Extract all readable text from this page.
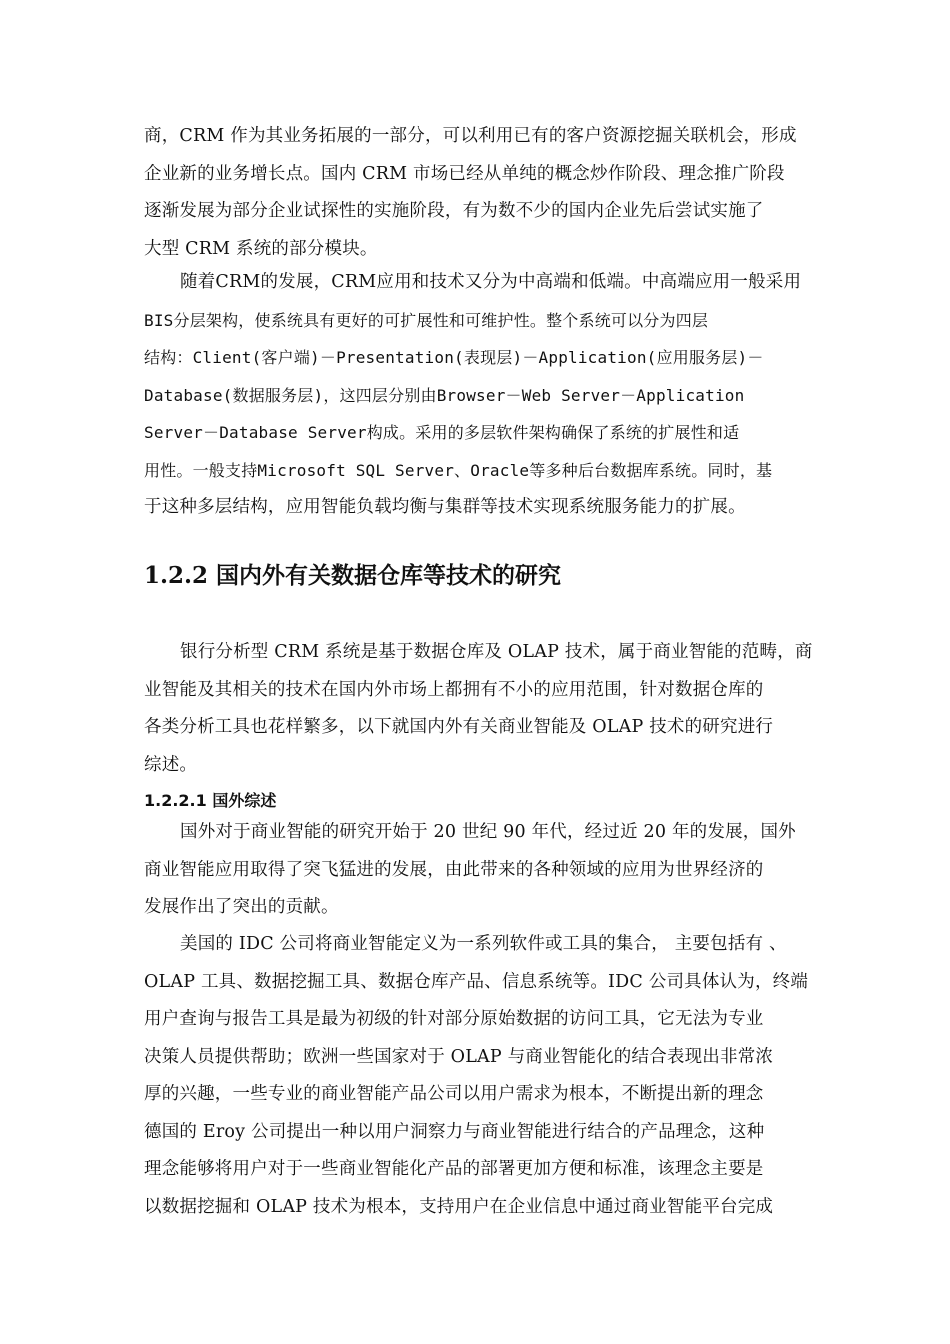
商，CRM 作为其业务拓展的一部分，可以利用已有的客户资源挖掘关联机会，形成
企业新的业务增长点。国内 CRM 市场已经从单纯的概念炒作阶段、理念推广阶段
逐渐发展为部分企业试探性的实施阶段，有为数不少的国内企业先后尝试实施了
大型 CRM 系统的部分模块。
随着CRM的发展，CRM应用和技术又分为中高端和低端。中高端应用一般采用
BIS分层架构，使系统具有更好的可扩展性和可维护性。整个系统可以分为四层
结构：Client(客户端)－Presentation(表现层)－Application(应用服务层)－
Database(数据服务层)，这四层分别由Browser－Web Server－Application
Server－Database Server构成。采用的多层软件架构确保了系统的扩展性和适
用性。一般支持Microsoft SQL Server、Oracle等多种后台数据库系统。同时，基
于这种多层结构，应用智能负载均衡与集群等技术实现系统服务能力的扩展。
1.2.2 国内外有关数据仓库等技术的研究
银行分析型 CRM 系统是基于数据仓库及 OLAP 技术，属于商业智能的范畴，商
业智能及其相关的技术在国内外市场上都拥有不小的应用范围，针对数据仓库的
各类分析工具也花样繁多，以下就国内外有关商业智能及 OLAP 技术的研究进行
综述。
1.2.2.1 国外综述
国外对于商业智能的研究开始于 20 世纪 90 年代，经过近 20 年的发展，国外
商业智能应用取得了突飞猛进的发展，由此带来的各种领域的应用为世界经济的
发展作出了突出的贡献。
美国的 IDC 公司将商业智能定义为一系列软件或工具的集合， 主要包括有 、
OLAP 工具、数据挖掘工具、数据仓库产品、信息系统等。IDC 公司具体认为，终端
用户查询与报告工具是最为初级的针对部分原始数据的访问工具，它无法为专业
决策人员提供帮助；欧洲一些国家对于 OLAP 与商业智能化的结合表现出非常浓
厚的兴趣，一些专业的商业智能产品公司以用户需求为根本，不断提出新的理念
德国的 Eroy 公司提出一种以用户洞察力与商业智能进行结合的产品理念，这种
理念能够将用户对于一些商业智能化产品的部署更加方便和标准，该理念主要是
以数据挖掘和 OLAP 技术为根本，支持用户在企业信息中通过商业智能平台完成
